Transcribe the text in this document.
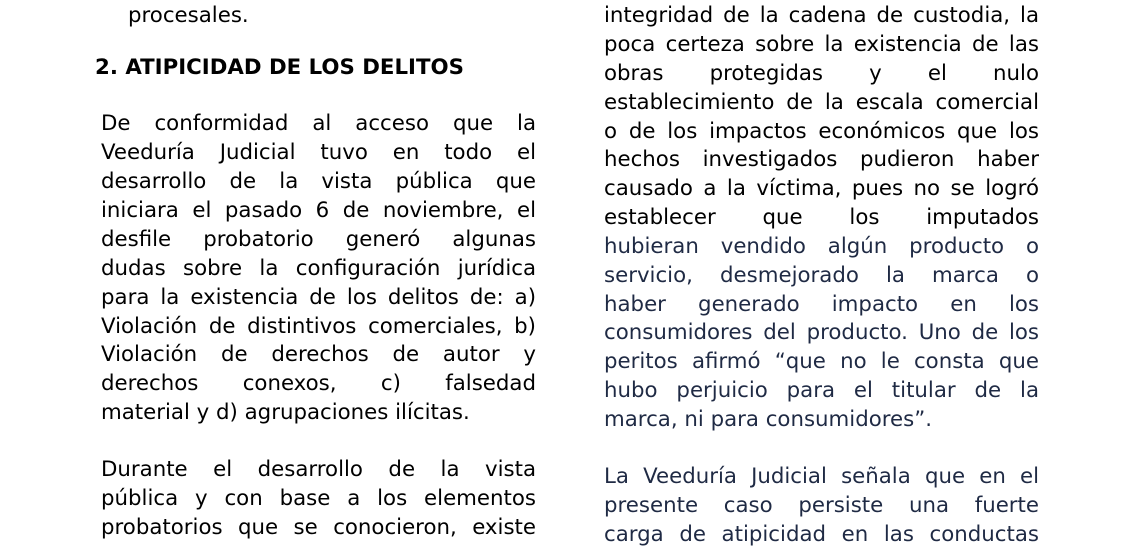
procesales.

2. ATIPICIDAD DE LOS DELITOS

De conformidad al acceso que la

Veeduría Judicial tuvo en todo el

desarrollo de la vista pública que

iniciara el pasado 6 de noviembre, el

desfile probatorio generó algunas

dudas sobre la configuración jurídica

para la existencia de los delitos de: a)

Violación de distintivos comerciales, b)

Violación de derechos de autor y

derechos conexos, c) falsedad

material y d) agrupaciones ilícitas.

Durante el desarrollo de la vista

pública y con base a los elementos

probatorios que se conocieron, existe

integridad de la cadena de custodia, la

poca certeza sobre la existencia de las

obras protegidas y el nulo

establecimiento de la escala comercial

o de los impactos económicos que los

hechos investigados pudieron haber

causado a la víctima, pues no se logró

establecer que los imputados

hubieran vendido algún producto o

servicio, desmejorado la marca o

haber generado impacto en los

consumidores del producto. Uno de los

peritos afirmó “que no le consta que

hubo perjuicio para el titular de la

marca, ni para consumidores”.

La Veeduría Judicial señala que en el

presente caso persiste una fuerte

carga de atipicidad en las conductas
